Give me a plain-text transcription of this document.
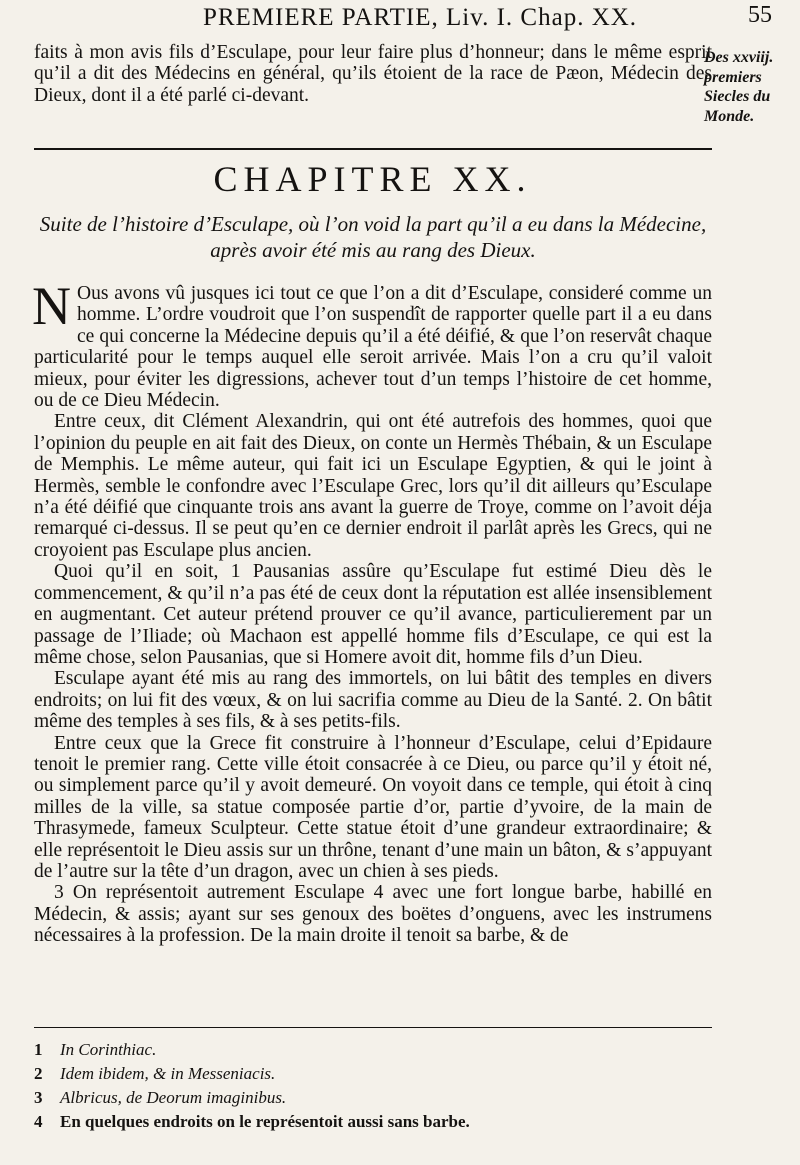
PREMIERE PARTIE, Liv. I. Chap. XX.	55

faits à mon avis fils d’Esculape, pour leur faire plus d’honneur; dans le même esprit qu’il a dit des Médecins en général, qu’ils étoient de la race de Pæon, Médecin des Dieux, dont il a été parlé ci-devant.

Des xxviij. premiers Siecles du Monde.
CHAPITRE XX.
Suite de l’histoire d’Esculape, où l’on void la part qu’il a eu dans la Médecine, après avoir été mis au rang des Dieux.

N Ous avons vû jusques ici tout ce que l’on a dit d’Esculape, consideré comme un homme. L’ordre voudroit que l’on suspendît de rapporter quelle part il a eu dans ce qui concerne la Médecine depuis qu’il a été déifié, & que l’on reservât chaque particularité pour le temps auquel elle seroit arrivée. Mais l’on a cru qu’il valoit mieux, pour éviter les digressions, achever tout d’un temps l’histoire de cet homme, ou de ce Dieu Médecin.

Entre ceux, dit Clément Alexandrin, qui ont été autrefois des hommes, quoi que l’opinion du peuple en ait fait des Dieux, on conte un Hermès Thébain, & un Esculape de Memphis. Le même auteur, qui fait ici un Esculape Egyptien, & qui le joint à Hermès, semble le confondre avec l’Esculape Grec, lors qu’il dit ailleurs qu’Esculape n’a été déifié que cinquante trois ans avant la guerre de Troye, comme on l’avoit déja remarqué ci-dessus. Il se peut qu’en ce dernier endroit il parlât après les Grecs, qui ne croyoient pas Esculape plus ancien.

Quoi qu’il en soit, 1 Pausanias assûre qu’Esculape fut estimé Dieu dès le commencement, & qu’il n’a pas été de ceux dont la réputation est allée insensiblement en augmentant. Cet auteur prétend prouver ce qu’il avance, particulierement par un passage de l’Iliade; où Machaon est appellé homme fils d’Esculape, ce qui est la même chose, selon Pausanias, que si Homere avoit dit, homme fils d’un Dieu.

Esculape ayant été mis au rang des immortels, on lui bâtit des temples en divers endroits; on lui fit des vœux, & on lui sacrifia comme au Dieu de la Santé. 2. On bâtit même des temples à ses fils, & à ses petits-fils.

Entre ceux que la Grece fit construire à l’honneur d’Esculape, celui d’Epidaure tenoit le premier rang. Cette ville étoit consacrée à ce Dieu, ou parce qu’il y étoit né, ou simplement parce qu’il y avoit demeuré. On voyoit dans ce temple, qui étoit à cinq milles de la ville, sa statue composée partie d’or, partie d’yvoire, de la main de Thrasymede, fameux Sculpteur. Cette statue étoit d’une grandeur extraordinaire; & elle représentoit le Dieu assis sur un thrône, tenant d’une main un bâton, & s’appuyant de l’autre sur la tête d’un dragon, avec un chien à ses pieds.

3 On représentoit autrement Esculape 4 avec une fort longue barbe, habillé en Médecin, & assis; ayant sur ses genoux des boëtes d’onguens, avec les instrumens nécessaires à la profession. De la main droite il tenoit sa barbe, & de

1	In Corinthiac.
2	Idem ibidem, & in Messeniacis.
3	Albricus, de Deorum imaginibus.
4	En quelques endroits on le représentoit aussi sans barbe.
